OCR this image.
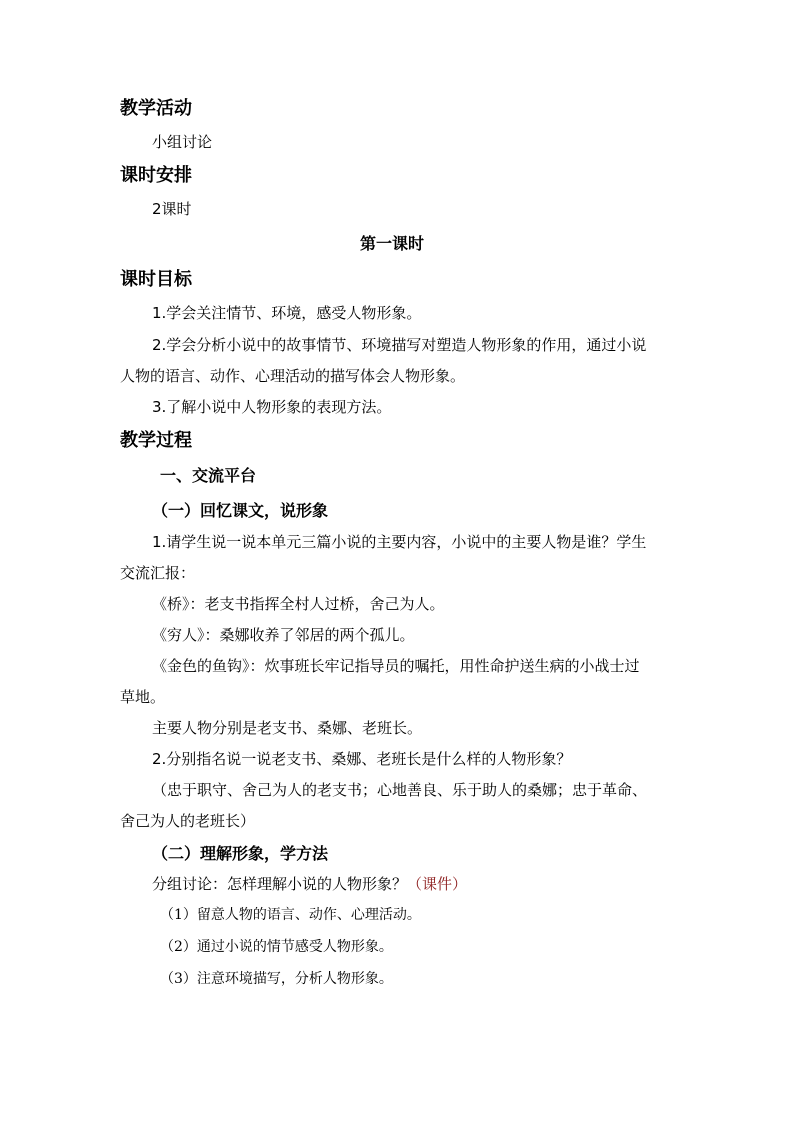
教学活动
小组讨论
课时安排
2课时
第一课时
课时目标
1.学会关注情节、环境，感受人物形象。
2.学会分析小说中的故事情节、环境描写对塑造人物形象的作用，通过小说
人物的语言、动作、心理活动的描写体会人物形象。
3.了解小说中人物形象的表现方法。
教学过程
一、交流平台
（一）回忆课文，说形象
1.请学生说一说本单元三篇小说的主要内容，小说中的主要人物是谁？学生
交流汇报：
《桥》：老支书指挥全村人过桥，舍己为人。
《穷人》：桑娜收养了邻居的两个孤儿。
《金色的鱼钩》：炊事班长牢记指导员的嘱托，用性命护送生病的小战士过
草地。
主要人物分别是老支书、桑娜、老班长。
2.分别指名说一说老支书、桑娜、老班长是什么样的人物形象？
（忠于职守、舍己为人的老支书；心地善良、乐于助人的桑娜；忠于革命、
舍己为人的老班长）
（二）理解形象，学方法
分组讨论：怎样理解小说的人物形象？（课件）
（1）留意人物的语言、动作、心理活动。
（2）通过小说的情节感受人物形象。
（3）注意环境描写，分析人物形象。
